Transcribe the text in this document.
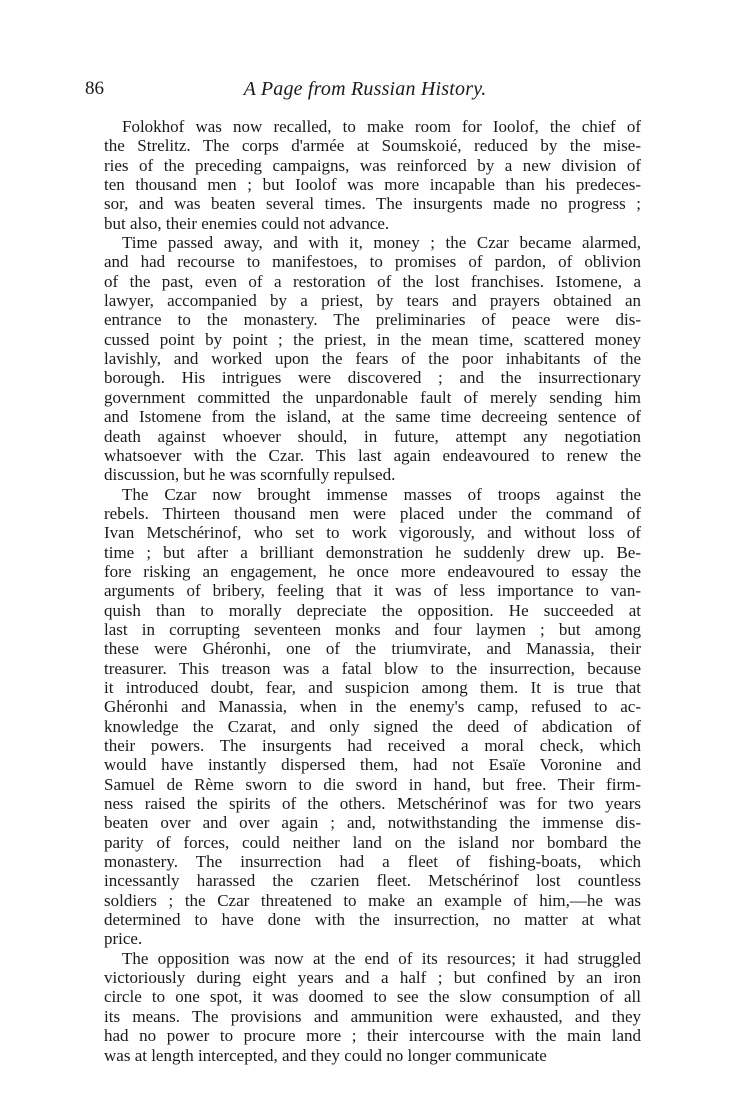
86	A Page from Russian History.
Folokhof was now recalled, to make room for Ioolof, the chief of
the Strelitz. The corps d'armée at Soumskoié, reduced by the mise-
ries of the preceding campaigns, was reinforced by a new division of
ten thousand men ; but Ioolof was more incapable than his predeces-
sor, and was beaten several times. The insurgents made no progress ;
but also, their enemies could not advance.
Time passed away, and with it, money ; the Czar became alarmed,
and had recourse to manifestoes, to promises of pardon, of oblivion
of the past, even of a restoration of the lost franchises. Istomene, a
lawyer, accompanied by a priest, by tears and prayers obtained an
entrance to the monastery. The preliminaries of peace were dis-
cussed point by point ; the priest, in the mean time, scattered money
lavishly, and worked upon the fears of the poor inhabitants of the
borough. His intrigues were discovered ; and the insurrectionary
government committed the unpardonable fault of merely sending him
and Istomene from the island, at the same time decreeing sentence of
death against whoever should, in future, attempt any negotiation
whatsoever with the Czar. This last again endeavoured to renew the
discussion, but he was scornfully repulsed.
The Czar now brought immense masses of troops against the
rebels. Thirteen thousand men were placed under the command of
Ivan Metschérinof, who set to work vigorously, and without loss of
time ; but after a brilliant demonstration he suddenly drew up. Be-
fore risking an engagement, he once more endeavoured to essay the
arguments of bribery, feeling that it was of less importance to van-
quish than to morally depreciate the opposition. He succeeded at
last in corrupting seventeen monks and four laymen ; but among
these were Ghéronhi, one of the triumvirate, and Manassia, their
treasurer. This treason was a fatal blow to the insurrection, because
it introduced doubt, fear, and suspicion among them. It is true that
Ghéronhi and Manassia, when in the enemy's camp, refused to ac-
knowledge the Czarat, and only signed the deed of abdication of
their powers. The insurgents had received a moral check, which
would have instantly dispersed them, had not Esaïe Voronine and
Samuel de Rème sworn to die sword in hand, but free. Their firm-
ness raised the spirits of the others. Metschérinof was for two years
beaten over and over again ; and, notwithstanding the immense dis-
parity of forces, could neither land on the island nor bombard the
monastery. The insurrection had a fleet of fishing-boats, which
incessantly harassed the czarien fleet. Metschérinof lost countless
soldiers ; the Czar threatened to make an example of him,—he was
determined to have done with the insurrection, no matter at what
price.
The opposition was now at the end of its resources; it had struggled
victoriously during eight years and a half ; but confined by an iron
circle to one spot, it was doomed to see the slow consumption of all
its means. The provisions and ammunition were exhausted, and they
had no power to procure more ; their intercourse with the main land
was at length intercepted, and they could no longer communicate
